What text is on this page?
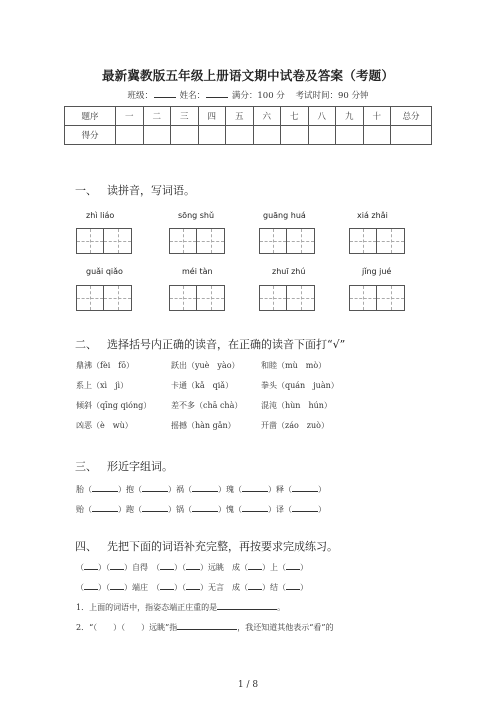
最新冀教版五年级上册语文期中试卷及答案（考题）
班级：	姓名：	满分：100 分 考试时间：90 分钟
题序	一	二	三	四	五	六	七	八	九	十	总分
得分											
一、 读拼音，写词语。
zhì liáo	sōng shǔ	guāng huá	xiá zhǎi
guǎi qiǎo	méi tàn	zhuī zhú	jǐng jué
二、 选择括号内正确的读音，在正确的读音下面打“√”
鼎沸（fèi　fō）	跃出（yuè　yào）	和睦（mù　mò）
系上（xì　jì）	卡通（kǎ　qiǎ）	拳头（quán　juàn）
倾斜（qīng qióng） 差不多（chā chà） 混沌（hùn　hún）
凶恶（è　wù）	摇撼（hàn gǎn）	开凿（záo　zuò）
三、 形近字组词。
胎（	）抱（	）祸（	）瑰（	）释（	）
贻（	）跑（	）锅（	）愧（	）译（	）
四、 先把下面的词语补充完整，再按要求完成练习。
（ ）（ ）自得　（ ）（ ）远眺　 成（ ）上（ ）
（ ）（ ）端庄　（ ）（ ）无言　 成（ ）结（ ）
1．上面的词语中，指姿态端正庄重的是	。
2．“（　　）（　　）远眺”指	，我还知道其他表示“看”的
1 / 8
